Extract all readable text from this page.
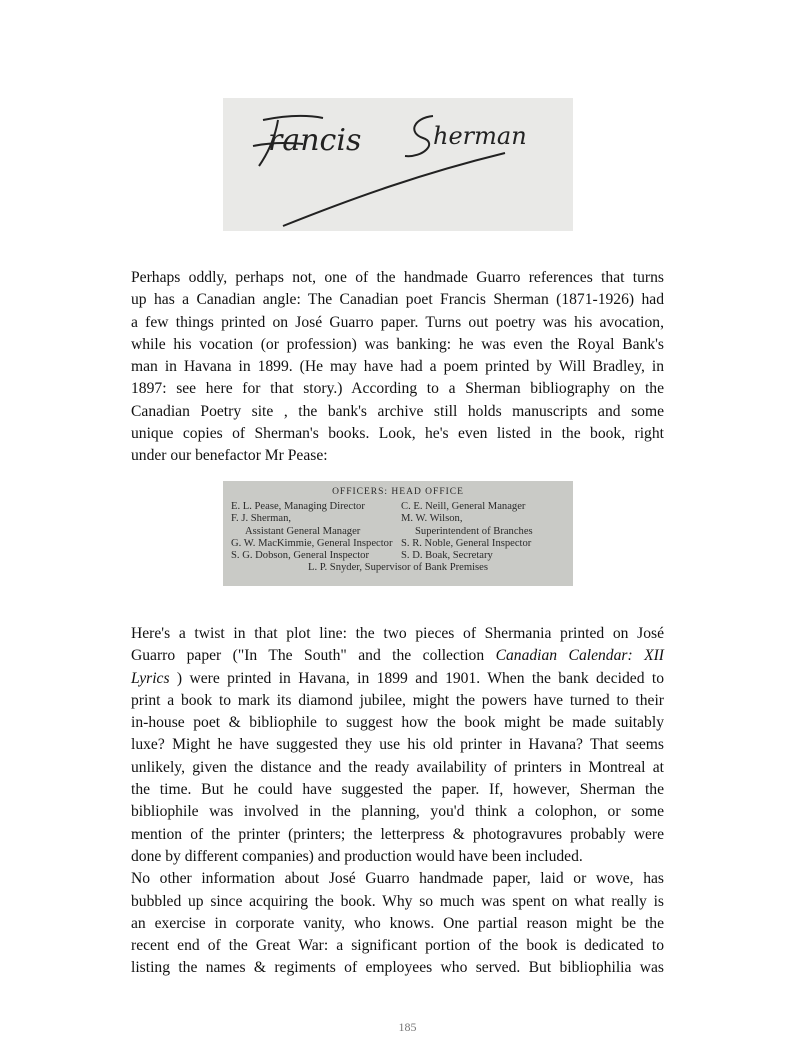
rancis	herman
Perhaps oddly, perhaps not, one of the handmade Guarro references that turns
up has a Canadian angle: The Canadian poet Francis Sherman (1871-1926) had
a few things printed on José Guarro paper. Turns out poetry was his avocation,
while his vocation (or profession) was banking: he was even the Royal Bank's
man in Havana in 1899. (He may have had a poem printed by Will Bradley, in
1897: see here for that story.) According to a Sherman bibliography on the
Canadian Poetry site , the bank's archive still holds manuscripts and some
unique copies of Sherman's books. Look, he's even listed in the book, right
under our benefactor Mr Pease:
OFFICERS: HEAD OFFICE
E. L. Pease, Managing Director
F. J. Sherman,
Assistant General Manager
G. W. MacKimmie, General Inspector
S. G. Dobson, General Inspector
C. E. Neill, General Manager
M. W. Wilson,
Superintendent of Branches
S. R. Noble, General Inspector
S. D. Boak, Secretary
L. P. Snyder, Supervisor of Bank Premises
Here's a twist in that plot line: the two pieces of Shermania printed on José
Guarro paper ("In The South" and the collection Canadian Calendar: XII
Lyrics ) were printed in Havana, in 1899 and 1901. When the bank decided to
print a book to mark its diamond jubilee, might the powers have turned to their
in-house poet & bibliophile to suggest how the book might be made suitably
luxe? Might he have suggested they use his old printer in Havana? That seems
unlikely, given the distance and the ready availability of printers in Montreal at
the time. But he could have suggested the paper. If, however, Sherman the
bibliophile was involved in the planning, you'd think a colophon, or some
mention of the printer (printers; the letterpress & photogravures probably were
done by different companies) and production would have been included.
No other information about José Guarro handmade paper, laid or wove, has
bubbled up since acquiring the book. Why so much was spent on what really is
an exercise in corporate vanity, who knows. One partial reason might be the
recent end of the Great War: a significant portion of the book is dedicated to
listing the names & regiments of employees who served. But bibliophilia was
185
